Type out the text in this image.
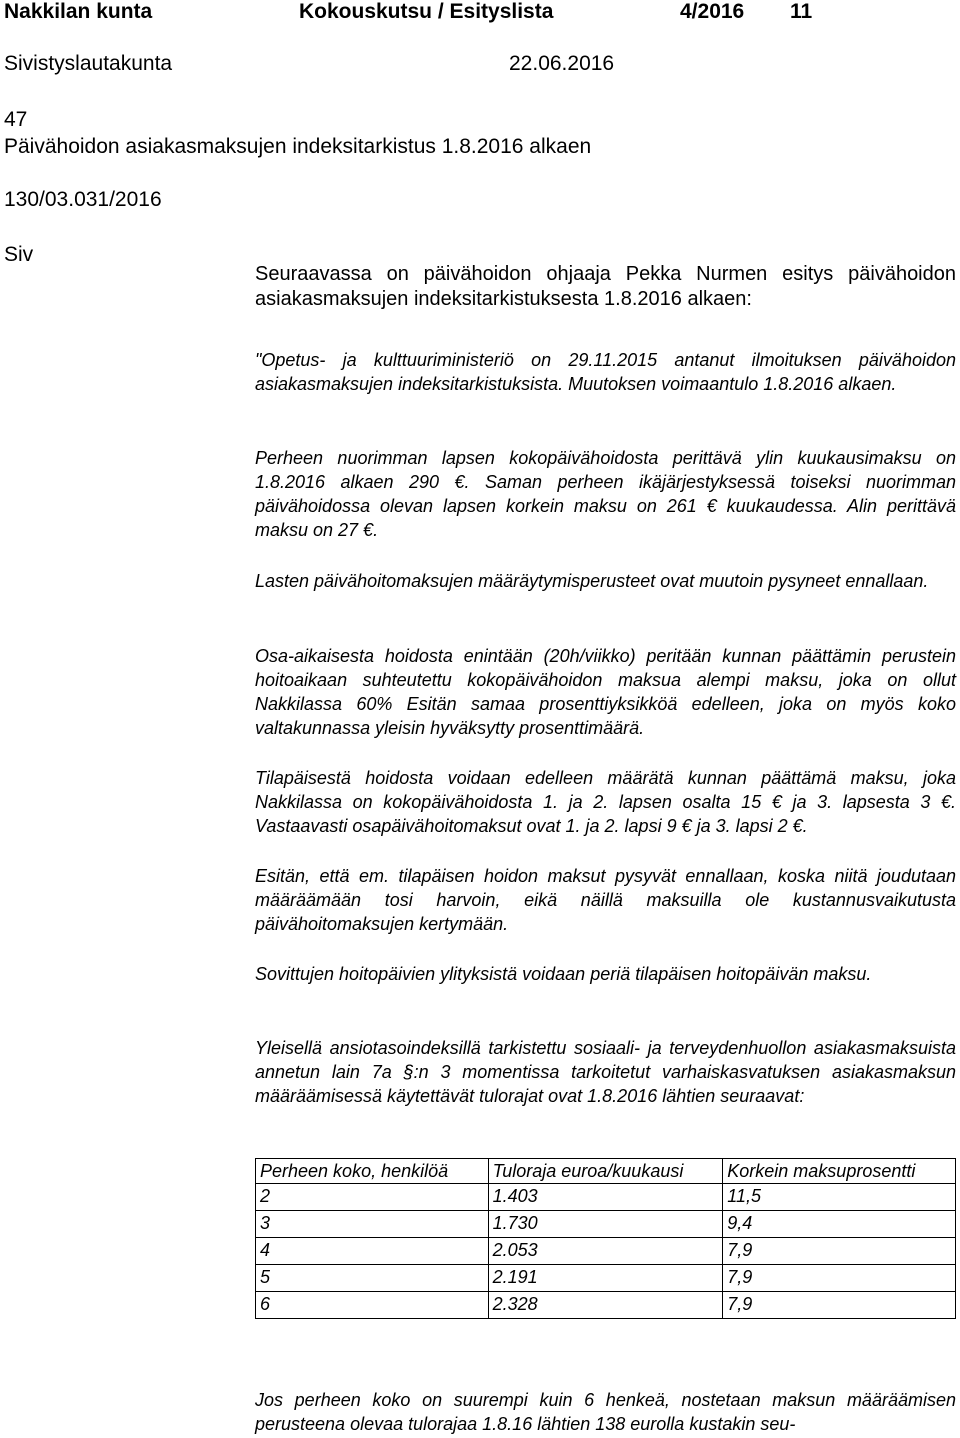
Nakkilan kunta	Kokouskutsu / Esityslista	4/2016 11
Sivistyslautakunta	22.06.2016
47
Päivähoidon asiakasmaksujen indeksitarkistus 1.8.2016 alkaen
130/03.031/2016
Siv
Seuraavassa on päivähoidon ohjaaja Pekka Nurmen esitys päivähoidon asiakasmaksujen indeksitarkistuksesta 1.8.2016 alkaen:
"Opetus- ja kulttuuriministeriö on 29.11.2015 antanut ilmoituksen päivähoidon asiakasmaksujen indeksitarkistuksista. Muutoksen voimaantulo 1.8.2016 alkaen.
Perheen nuorimman lapsen kokopäivähoidosta perittävä ylin kuukausimaksu on 1.8.2016 alkaen 290 €. Saman perheen ikäjärjestyksessä toiseksi nuorimman päivähoidossa olevan lapsen korkein maksu on 261 € kuukaudessa. Alin perittävä maksu on 27 €.
Lasten päivähoitomaksujen määräytymisperusteet ovat muutoin pysyneet ennallaan.
Osa-aikaisesta hoidosta enintään (20h/viikko) peritään kunnan päättämin perustein hoitoaikaan suhteutettu kokopäivähoidon maksua alempi maksu, joka on ollut Nakkilassa 60% Esitän samaa prosenttiyksikköä edelleen, joka on myös koko valtakunnassa yleisin hyväksytty prosenttimäärä.
Tilapäisestä hoidosta voidaan edelleen määrätä kunnan päättämä maksu, joka Nakkilassa on kokopäivähoidosta 1. ja 2. lapsen osalta 15 € ja 3. lapsesta 3 €. Vastaavasti osapäivähoitomaksut ovat 1. ja 2. lapsi 9 € ja 3. lapsi 2 €.
Esitän, että em. tilapäisen hoidon maksut pysyvät ennallaan, koska niitä joudutaan määräämään tosi harvoin, eikä näillä maksuilla ole kustannusvaikutusta päivähoitomaksujen kertymään.
Sovittujen hoitopäivien ylityksistä voidaan periä tilapäisen hoitopäivän maksu.
Yleisellä ansiotasoindeksillä tarkistettu sosiaali- ja terveydenhuollon asiakasmaksuista annetun lain 7a §:n 3 momentissa tarkoitetut varhaiskasvatuksen asiakasmaksun määräämisessä käytettävät tulorajat ovat 1.8.2016 lähtien seuraavat:
Perheen koko, henkilöä	Tuloraja euroa/kuukausi	Korkein maksuprosentti
2	1.403	11,5
3	1.730	9,4
4	2.053	7,9
5	2.191	7,9
6	2.328	7,9
Jos perheen koko on suurempi kuin 6 henkeä, nostetaan maksun määräämisen perusteena olevaa tulorajaa 1.8.16 lähtien 138 eurolla kustakin seu-
